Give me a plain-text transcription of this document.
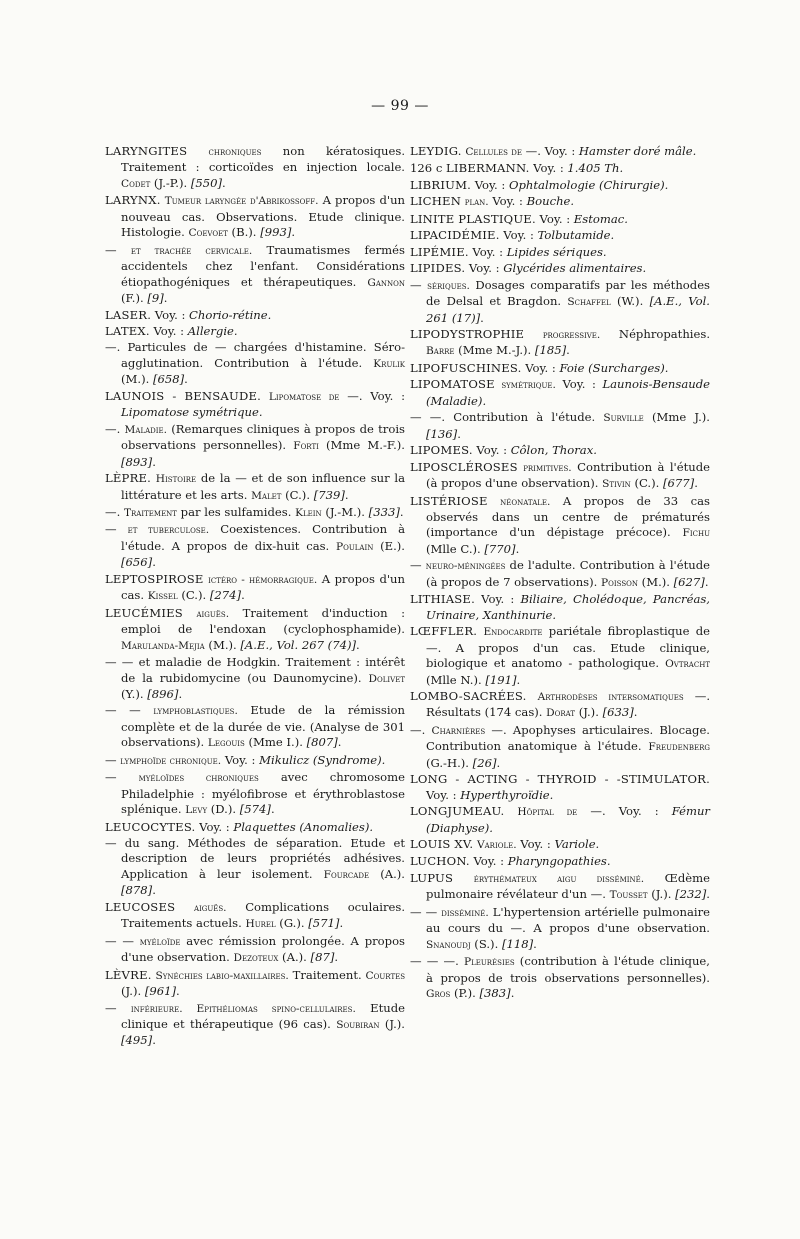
— 99 —

LARYNGITES chroniques non kératosiques. Traitement : corticoïdes en injection locale. Codet (J.-P.). [550].

LARYNX. Tumeur laryngée d'Abrikossoff. A propos d'un nouveau cas. Observations. Etude clinique. Histologie. Coevoet (B.). [993].

— et trachée cervicale. Traumatismes fermés accidentels chez l'enfant. Considérations étiopathogéniques et thérapeutiques. Gannon (F.). [9].

LASER. Voy. : Chorio-rétine.

LATEX. Voy. : Allergie.

—. Particules de — chargées d'histamine. Séro-agglutination. Contribution à l'étude. Krulik (M.). [658].

LAUNOIS - BENSAUDE. Lipomatose de —. Voy. : Lipomatose symétrique.

—. Maladie. (Remarques cliniques à propos de trois observations personnelles). Forti (Mme M.-F.). [893].

LÈPRE. Histoire de la — et de son influence sur la littérature et les arts. Malet (C.). [739].

—. Traitement par les sulfamides. Klein (J.-M.). [333].

— et tuberculose. Coexistences. Contribution à l'étude. A propos de dix-huit cas. Poulain (E.). [656].

LEPTOSPIROSE ictéro - hémorragique. A propos d'un cas. Kissel (C.). [274].

LEUCÉMIES aiguës. Traitement d'induction : emploi de l'endoxan (cyclophosphamide). Marulanda-Mejia (M.). [A.E., Vol. 267 (74)].

— — et maladie de Hodgkin. Traitement : intérêt de la rubidomycine (ou Daunomycine). Dolivet (Y.). [896].

— — lymphoblastiques. Etude de la rémission complète et de la durée de vie. (Analyse de 301 observations). Legouis (Mme I.). [807].

— lymphoïde chronique. Voy. : Mikulicz (Syndrome).

— myéloïdes chroniques avec chromosome Philadelphie : myélofibrose et érythroblastose splénique. Levy (D.). [574].

LEUCOCYTES. Voy. : Plaquettes (Anomalies).

— du sang. Méthodes de séparation. Etude et description de leurs propriétés adhésives. Application à leur isolement. Fourcade (A.). [878].

LEUCOSES aiguës. Complications oculaires. Traitements actuels. Hurel (G.). [571].

— — myéloïde avec rémission prolongée. A propos d'une observation. Dezoteux (A.). [87].

LÈVRE. Synéchies labio-maxillaires. Traitement. Courtes (J.). [961].

— inférieure. Epithéliomas spino-cellulaires. Etude clinique et thérapeutique (96 cas). Soubiran (J.). [495].

LEYDIG. Cellules de —. Voy. : Hamster doré mâle.

126 c LIBERMANN. Voy. : 1.405 Th.

LIBRIUM. Voy. : Ophtalmologie (Chirurgie).

LICHEN plan. Voy. : Bouche.

LINITE PLASTIQUE. Voy. : Estomac.

LIPACIDÉMIE. Voy. : Tolbutamide.

LIPÉMIE. Voy. : Lipides sériques.

LIPIDES. Voy. : Glycérides alimentaires.

— sériques. Dosages comparatifs par les méthodes de Delsal et Bragdon. Schaffel (W.). [A.E., Vol. 261 (17)].

LIPODYSTROPHIE progressive. Néphropathies. Barre (Mme M.-J.). [185].

LIPOFUSCHINES. Voy. : Foie (Surcharges).

LIPOMATOSE symétrique. Voy. : Launois-Bensaude (Maladie).

— —. Contribution à l'étude. Surville (Mme J.). [136].

LIPOMES. Voy. : Côlon, Thorax.

LIPOSCLÉROSES primitives. Contribution à l'étude (à propos d'une observation). Stivin (C.). [677].

LISTÉRIOSE néonatale. A propos de 33 cas observés dans un centre de prématurés (importance d'un dépistage précoce). Fichu (Mlle C.). [770].

— neuro-méningées de l'adulte. Contribution à l'étude (à propos de 7 observations). Poisson (M.). [627].

LITHIASE. Voy. : Biliaire, Cholédoque, Pancréas, Urinaire, Xanthinurie.

LŒFFLER. Endocardite pariétale fibroplastique de—. A propos d'un cas. Etude clinique, biologique et anatomo - pathologique. Ovtracht (Mlle N.). [191].

LOMBO-SACRÉES. Arthrodèses intersomatiques —. Résultats (174 cas). Dorat (J.). [633].

—. Charnières —. Apophyses articulaires. Blocage. Contribution anatomique à l'étude. Freudenberg (G.-H.). [26].

LONG - ACTING - THYROID - -STIMULATOR. Voy. : Hyperthyroïdie.

LONGJUMEAU. Hôpital de —. Voy. : Fémur (Diaphyse).

LOUIS XV. Variole. Voy. : Variole.

LUCHON. Voy. : Pharyngopathies.

LUPUS érythémateux aigu disséminé. Œdème pulmonaire révélateur d'un —. Tousset (J.). [232].

— — disséminé. L'hypertension artérielle pulmonaire au cours du —. A propos d'une observation. Snanoudj (S.). [118].

— — —. Pleurésies (contribution à l'étude clinique, à propos de trois observations personnelles). Gros (P.). [383].
